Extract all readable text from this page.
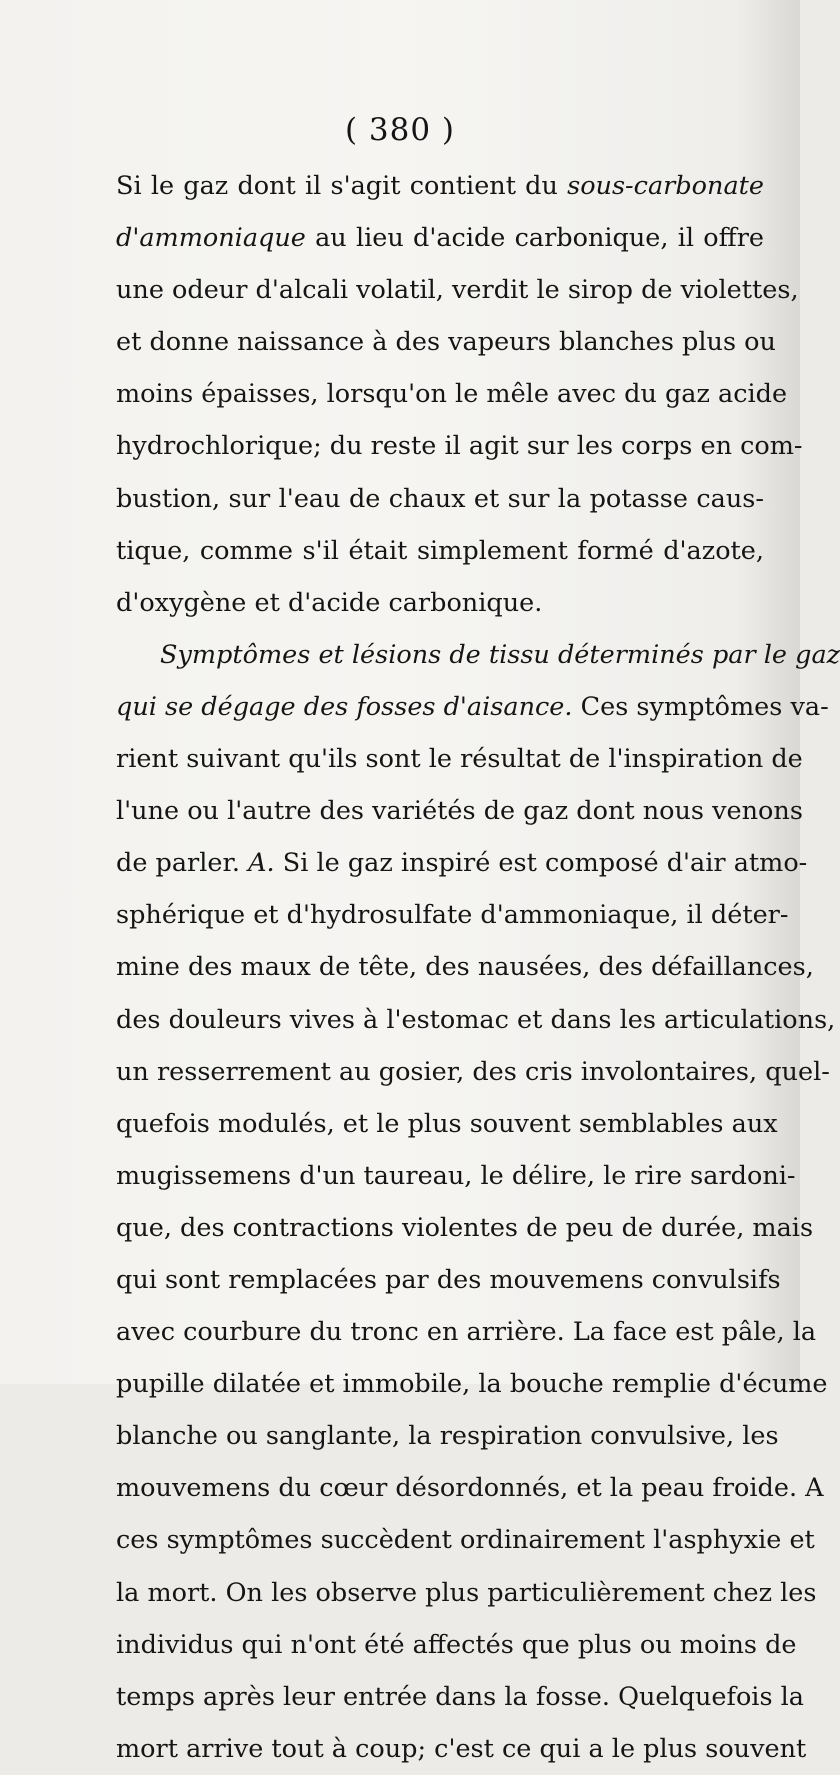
( 380 )
Si le gaz dont il s'agit contient du sous-carbonate
d'ammoniaque au lieu d'acide carbonique, il offre
une odeur d'alcali volatil, verdit le sirop de violettes,
et donne naissance à des vapeurs blanches plus ou
moins épaisses, lorsqu'on le mêle avec du gaz acide
hydrochlorique; du reste il agit sur les corps en com-
bustion, sur l'eau de chaux et sur la potasse caus-
tique, comme s'il était simplement formé d'azote,
d'oxygène et d'acide carbonique.
Symptômes et lésions de tissu déterminés par le gaz
qui se dégage des fosses d'aisance. Ces symptômes va-
rient suivant qu'ils sont le résultat de l'inspiration de
l'une ou l'autre des variétés de gaz dont nous venons
de parler. A. Si le gaz inspiré est composé d'air atmo-
sphérique et d'hydrosulfate d'ammoniaque, il déter-
mine des maux de tête, des nausées, des défaillances,
des douleurs vives à l'estomac et dans les articulations,
un resserrement au gosier, des cris involontaires, quel-
quefois modulés, et le plus souvent semblables aux
mugissemens d'un taureau, le délire, le rire sardoni-
que, des contractions violentes de peu de durée, mais
qui sont remplacées par des mouvemens convulsifs
avec courbure du tronc en arrière. La face est pâle, la
pupille dilatée et immobile, la bouche remplie d'écume
blanche ou sanglante, la respiration convulsive, les
mouvemens du cœur désordonnés, et la peau froide. A
ces symptômes succèdent ordinairement l'asphyxie et
la mort. On les observe plus particulièrement chez les
individus qui n'ont été affectés que plus ou moins de
temps après leur entrée dans la fosse. Quelquefois la
mort arrive tout à coup; c'est ce qui a le plus souvent
